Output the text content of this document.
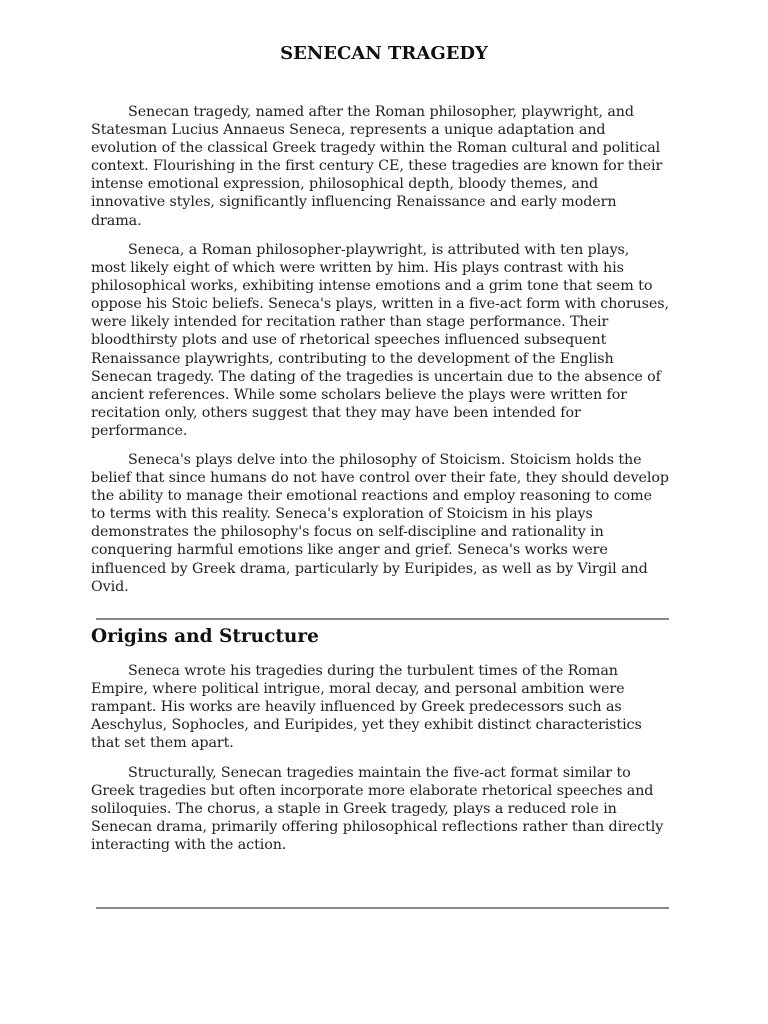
SENECAN TRAGEDY

Senecan tragedy, named after the Roman philosopher, playwright, and
Statesman Lucius Annaeus Seneca, represents a unique adaptation and
evolution of the classical Greek tragedy within the Roman cultural and political
context. Flourishing in the first century CE, these tragedies are known for their
intense emotional expression, philosophical depth, bloody themes, and
innovative styles, significantly influencing Renaissance and early modern
drama.

Seneca, a Roman philosopher-playwright, is attributed with ten plays,
most likely eight of which were written by him. His plays contrast with his
philosophical works, exhibiting intense emotions and a grim tone that seem to
oppose his Stoic beliefs. Seneca's plays, written in a five-act form with choruses,
were likely intended for recitation rather than stage performance. Their
bloodthirsty plots and use of rhetorical speeches influenced subsequent
Renaissance playwrights, contributing to the development of the English
Senecan tragedy. The dating of the tragedies is uncertain due to the absence of
ancient references. While some scholars believe the plays were written for
recitation only, others suggest that they may have been intended for
performance.

Seneca's plays delve into the philosophy of Stoicism. Stoicism holds the
belief that since humans do not have control over their fate, they should develop
the ability to manage their emotional reactions and employ reasoning to come
to terms with this reality. Seneca's exploration of Stoicism in his plays
demonstrates the philosophy's focus on self-discipline and rationality in
conquering harmful emotions like anger and grief. Seneca's works were
influenced by Greek drama, particularly by Euripides, as well as by Virgil and
Ovid.

Origins and Structure

Seneca wrote his tragedies during the turbulent times of the Roman
Empire, where political intrigue, moral decay, and personal ambition were
rampant. His works are heavily influenced by Greek predecessors such as
Aeschylus, Sophocles, and Euripides, yet they exhibit distinct characteristics
that set them apart.

Structurally, Senecan tragedies maintain the five-act format similar to
Greek tragedies but often incorporate more elaborate rhetorical speeches and
soliloquies. The chorus, a staple in Greek tragedy, plays a reduced role in
Senecan drama, primarily offering philosophical reflections rather than directly
interacting with the action.
